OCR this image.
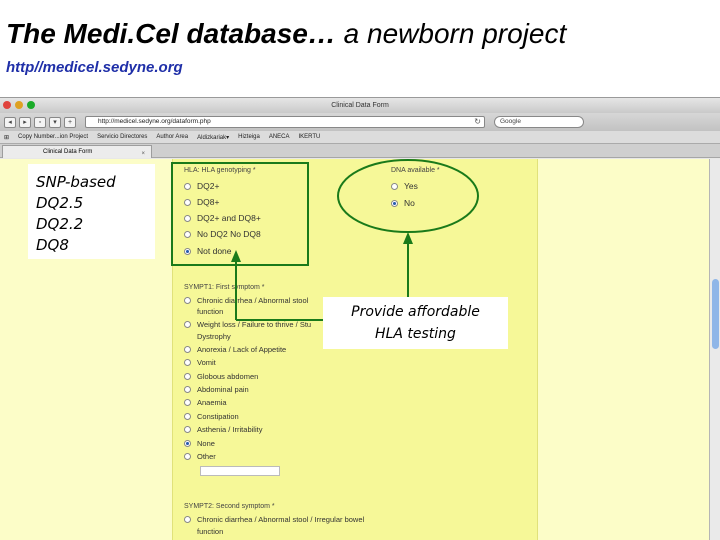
The Medi.Cel database… a newborn project
http//medicel.sedyne.org
Clinical Data Form
◂	▸	▫	▾	+	http://medicel.sedyne.org/dataform.php	↻	Google
⊞ Copy Number...ion Project Servicio Directores Author Area Aldizkariak▾ Hizteiga ANECA IKERTU
Clinical Data Form	×
HLA: HLA genotyping *
DQ2+
DQ8+
DQ2+ and DQ8+
No DQ2 No DQ8
Not done
DNA available *
Yes
No
SYMPT1: First symptom *
Chronic diarrhea / Abnormal stool
function
Weight loss / Failure to thrive / Stu
Dystrophy
Anorexia / Lack of Appetite
Vomit
Globous abdomen
Abdominal pain
Anaemia
Constipation
Asthenia / Irritability
None
Other
SYMPT2: Second symptom *
Chronic diarrhea / Abnormal stool / Irregular bowel
function
SNP-based
DQ2.5
DQ2.2
DQ8
Provide affordable
HLA testing
